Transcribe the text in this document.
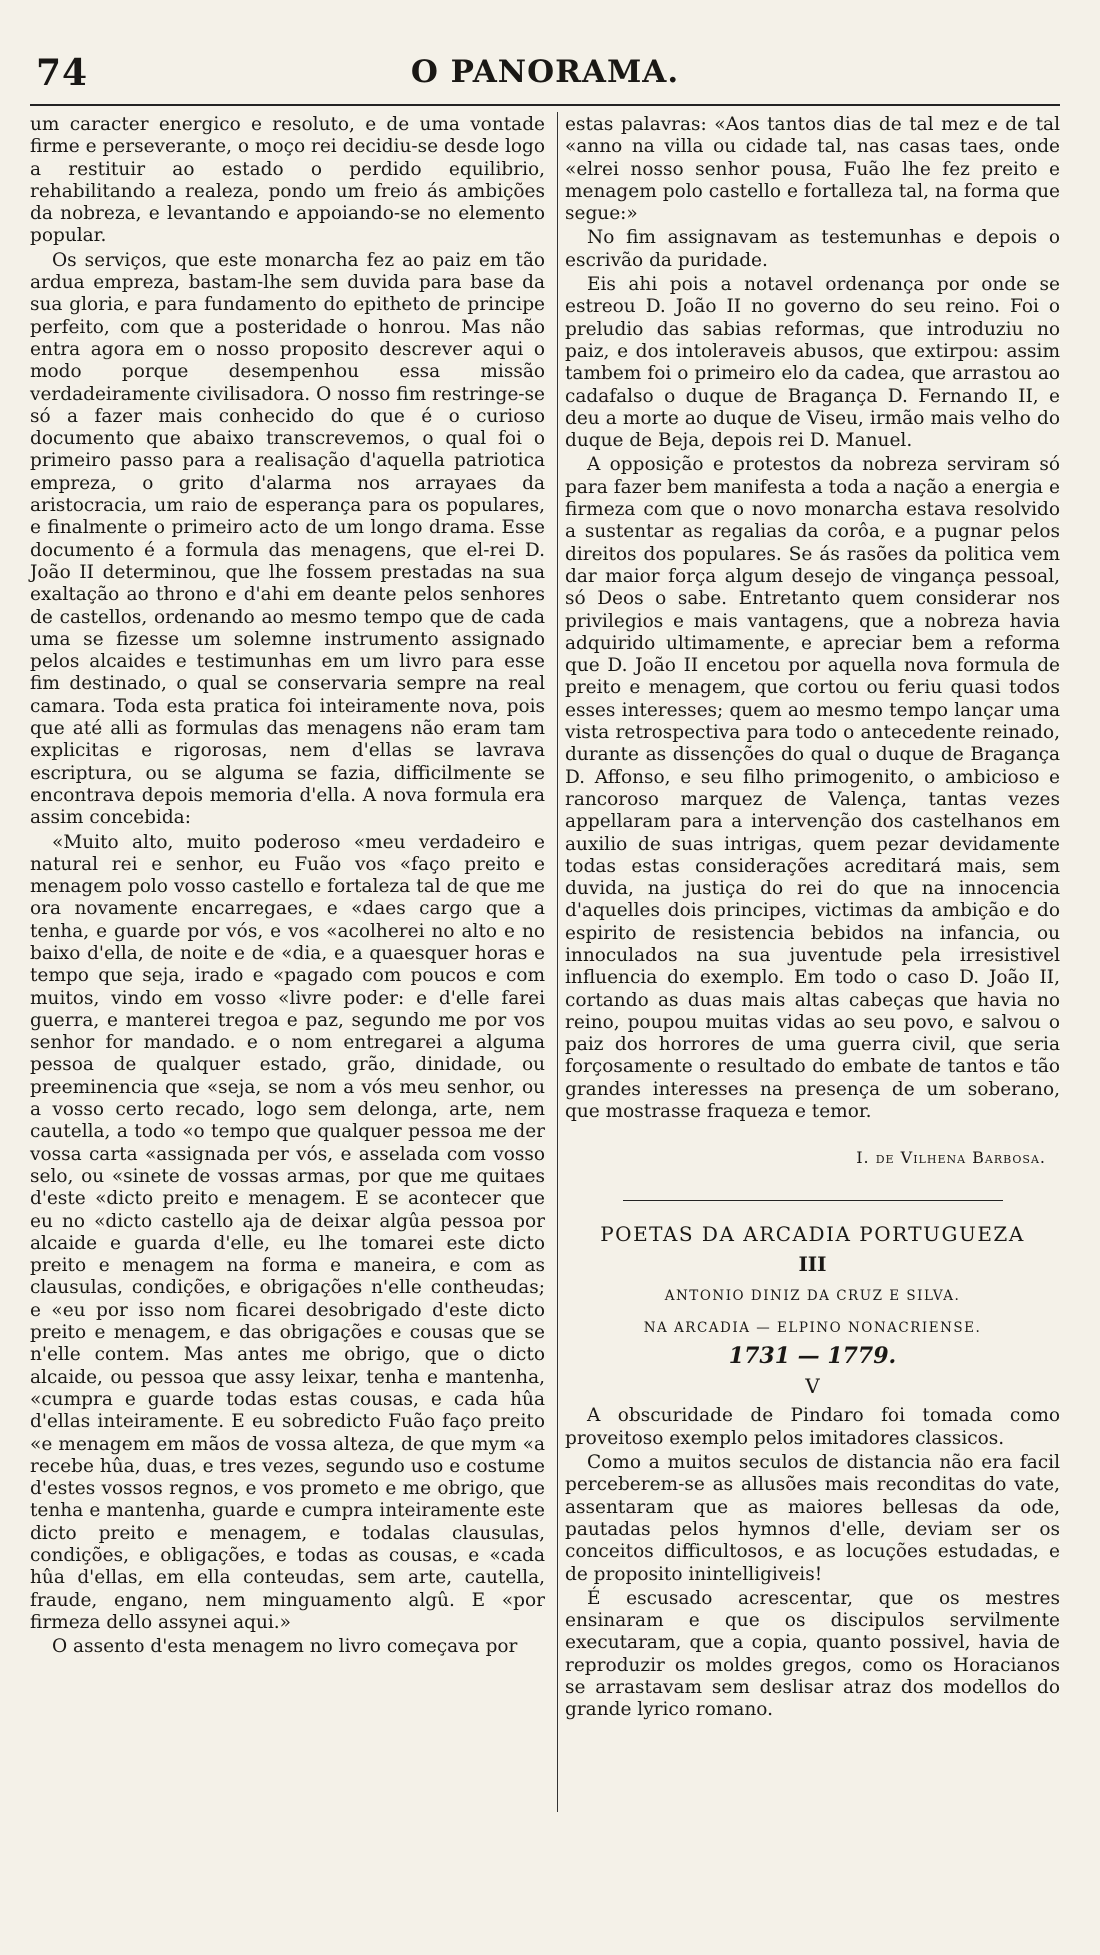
74	O PANORAMA.

um caracter energico e resoluto, e de uma vontade firme e perseverante, o moço rei decidiu-se desde logo a restituir ao estado o perdido equilibrio, rehabilitando a realeza, pondo um freio ás ambições da nobreza, e levantando e appoiando-se no elemento popular.

Os serviços, que este monarcha fez ao paiz em tão ardua empreza, bastam-lhe sem duvida para base da sua gloria, e para fundamento do epitheto de principe perfeito, com que a posteridade o honrou. Mas não entra agora em o nosso proposito descrever aqui o modo porque desempenhou essa missão verdadeiramente civilisadora. O nosso fim restringe-se só a fazer mais conhecido do que é o curioso documento que abaixo transcrevemos, o qual foi o primeiro passo para a realisação d'aquella patriotica empreza, o grito d'alarma nos arrayaes da aristocracia, um raio de esperança para os populares, e finalmente o primeiro acto de um longo drama. Esse documento é a formula das menagens, que el-rei D. João II determinou, que lhe fossem prestadas na sua exaltação ao throno e d'ahi em deante pelos senhores de castellos, ordenando ao mesmo tempo que de cada uma se fizesse um solemne instrumento assignado pelos alcaides e testimunhas em um livro para esse fim destinado, o qual se conservaria sempre na real camara. Toda esta pratica foi inteiramente nova, pois que até alli as formulas das menagens não eram tam explicitas e rigorosas, nem d'ellas se lavrava escriptura, ou se alguma se fazia, difficilmente se encontrava depois memoria d'ella. A nova formula era assim concebida:

«Muito alto, muito poderoso «meu verdadeiro e natural rei e senhor, eu Fuão vos «faço preito e menagem polo vosso castello e fortaleza tal de que me ora novamente encarregaes, e «daes cargo que a tenha, e guarde por vós, e vos «acolherei no alto e no baixo d'ella, de noite e de «dia, e a quaesquer horas e tempo que seja, irado e «pagado com poucos e com muitos, vindo em vosso «livre poder: e d'elle farei guerra, e manterei tregoa e paz, segundo me por vos senhor for mandado. e o nom entregarei a alguma pessoa de qualquer estado, grão, dinidade, ou preeminencia que «seja, se nom a vós meu senhor, ou a vosso certo recado, logo sem delonga, arte, nem cautella, a todo «o tempo que qualquer pessoa me der vossa carta «assignada per vós, e asselada com vosso selo, ou «sinete de vossas armas, por que me quitaes d'este «dicto preito e menagem. E se acontecer que eu no «dicto castello aja de deixar algûa pessoa por alcaide e guarda d'elle, eu lhe tomarei este dicto preito e menagem na forma e maneira, e com as clausulas, condições, e obrigações n'elle contheudas; e «eu por isso nom ficarei desobrigado d'este dicto preito e menagem, e das obrigações e cousas que se n'elle contem. Mas antes me obrigo, que o dicto alcaide, ou pessoa que assy leixar, tenha e mantenha, «cumpra e guarde todas estas cousas, e cada hûa d'ellas inteiramente. E eu sobredicto Fuão faço preito «e menagem em mãos de vossa alteza, de que mym «a recebe hûa, duas, e tres vezes, segundo uso e costume d'estes vossos regnos, e vos prometo e me obrigo, que tenha e mantenha, guarde e cumpra inteiramente este dicto preito e menagem, e todalas clausulas, condições, e obligações, e todas as cousas, e «cada hûa d'ellas, em ella conteudas, sem arte, cautella, fraude, engano, nem minguamento algû. E «por firmeza dello assynei aqui.»

O assento d'esta menagem no livro começava por

estas palavras: «Aos tantos dias de tal mez e de tal «anno na villa ou cidade tal, nas casas taes, onde «elrei nosso senhor pousa, Fuão lhe fez preito e menagem polo castello e fortalleza tal, na forma que segue:»

No fim assignavam as testemunhas e depois o escrivão da puridade.

Eis ahi pois a notavel ordenança por onde se estreou D. João II no governo do seu reino. Foi o preludio das sabias reformas, que introduziu no paiz, e dos intoleraveis abusos, que extirpou: assim tambem foi o primeiro elo da cadea, que arrastou ao cadafalso o duque de Bragança D. Fernando II, e deu a morte ao duque de Viseu, irmão mais velho do duque de Beja, depois rei D. Manuel.

A opposição e protestos da nobreza serviram só para fazer bem manifesta a toda a nação a energia e firmeza com que o novo monarcha estava resolvido a sustentar as regalias da corôa, e a pugnar pelos direitos dos populares. Se ás rasões da politica vem dar maior força algum desejo de vingança pessoal, só Deos o sabe. Entretanto quem considerar nos privilegios e mais vantagens, que a nobreza havia adquirido ultimamente, e apreciar bem a reforma que D. João II encetou por aquella nova formula de preito e menagem, que cortou ou feriu quasi todos esses interesses; quem ao mesmo tempo lançar uma vista retrospectiva para todo o antecedente reinado, durante as dissenções do qual o duque de Bragança D. Affonso, e seu filho primogenito, o ambicioso e rancoroso marquez de Valença, tantas vezes appellaram para a intervenção dos castelhanos em auxilio de suas intrigas, quem pezar devidamente todas estas considerações acreditará mais, sem duvida, na justiça do rei do que na innocencia d'aquelles dois principes, victimas da ambição e do espirito de resistencia bebidos na infancia, ou innoculados na sua juventude pela irresistivel influencia do exemplo. Em todo o caso D. João II, cortando as duas mais altas cabeças que havia no reino, poupou muitas vidas ao seu povo, e salvou o paiz dos horrores de uma guerra civil, que seria forçosamente o resultado do embate de tantos e tão grandes interesses na presença de um soberano, que mostrasse fraqueza e temor.

I. de Vilhena Barbosa.
POETAS DA ARCADIA PORTUGUEZA
III
ANTONIO DINIZ DA CRUZ E SILVA.
NA ARCADIA — ELPINO NONACRIENSE.
1731 — 1779.
V

A obscuridade de Pindaro foi tomada como proveitoso exemplo pelos imitadores classicos.

Como a muitos seculos de distancia não era facil perceberem-se as allusões mais reconditas do vate, assentaram que as maiores bellesas da ode, pautadas pelos hymnos d'elle, deviam ser os conceitos difficultosos, e as locuções estudadas, e de proposito inintelligiveis!

É escusado acrescentar, que os mestres ensinaram e que os discipulos servilmente executaram, que a copia, quanto possivel, havia de reproduzir os moldes gregos, como os Horacianos se arrastavam sem deslisar atraz dos modellos do grande lyrico romano.
